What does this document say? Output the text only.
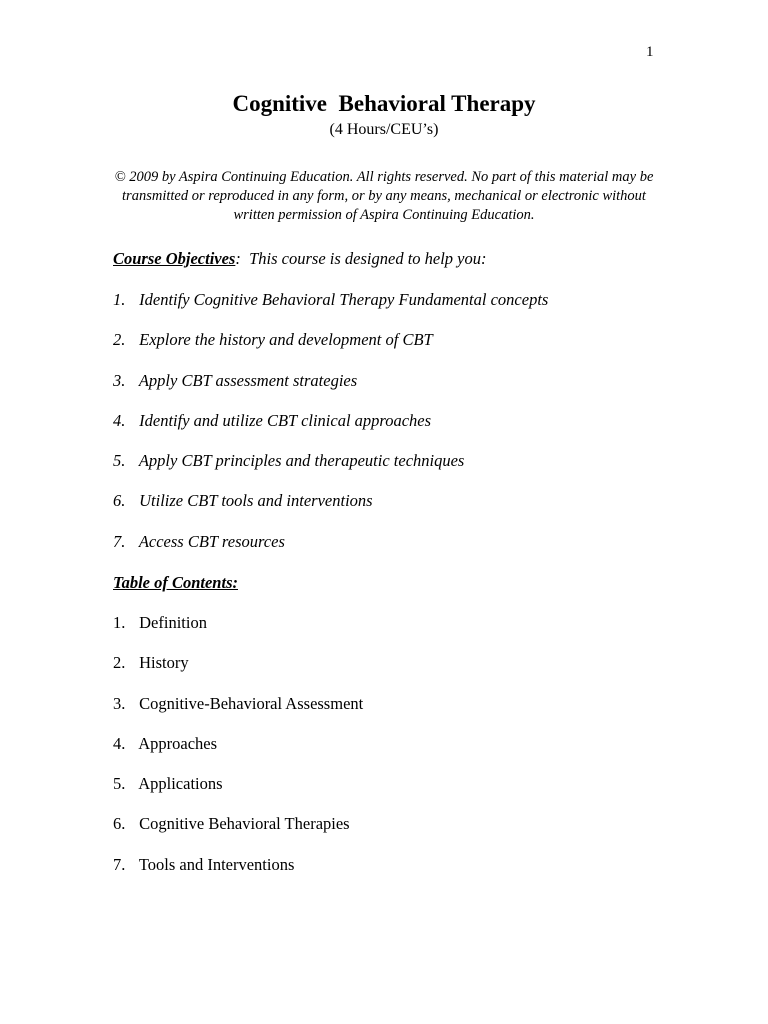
1
Cognitive  Behavioral Therapy
(4 Hours/CEU’s)
© 2009 by Aspira Continuing Education. All rights reserved. No part of this material may be transmitted or reproduced in any form, or by any means, mechanical or electronic without written permission of Aspira Continuing Education.
Course Objectives:  This course is designed to help you:
1. Identify Cognitive Behavioral Therapy Fundamental concepts
2. Explore the history and development of CBT
3. Apply CBT assessment strategies
4. Identify and utilize CBT clinical approaches
5. Apply CBT principles and therapeutic techniques
6. Utilize CBT tools and interventions
7. Access CBT resources
Table of Contents:
1. Definition
2. History
3. Cognitive-Behavioral Assessment
4. Approaches
5. Applications
6. Cognitive Behavioral Therapies
7. Tools and Interventions
